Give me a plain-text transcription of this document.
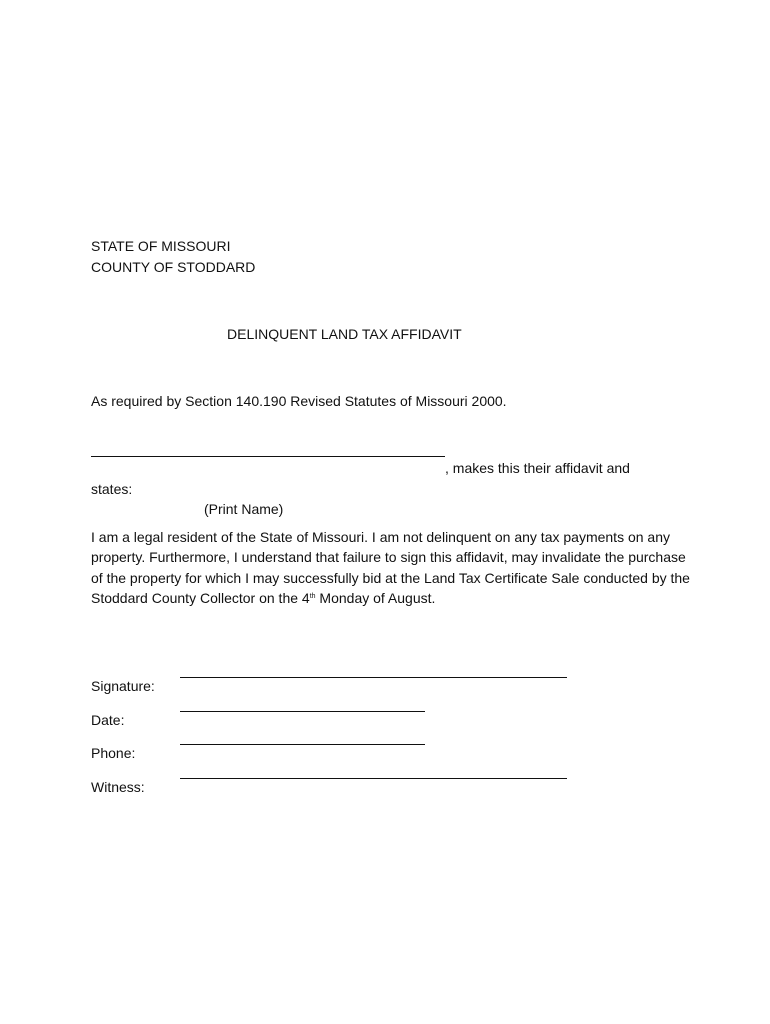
STATE OF MISSOURI
COUNTY OF STODDARD
DELINQUENT LAND TAX AFFIDAVIT
As required by Section 140.190 Revised Statutes of Missouri 2000.
, makes this their affidavit and
states:
(Print Name)
I am a legal resident of the State of Missouri. I am not delinquent on any tax payments on any property. Furthermore, I understand that failure to sign this affidavit, may invalidate the purchase of the property for which I may successfully bid at the Land Tax Certificate Sale conducted by the Stoddard County Collector on the 4th Monday of August.
Signature:
Date:
Phone:
Witness:
